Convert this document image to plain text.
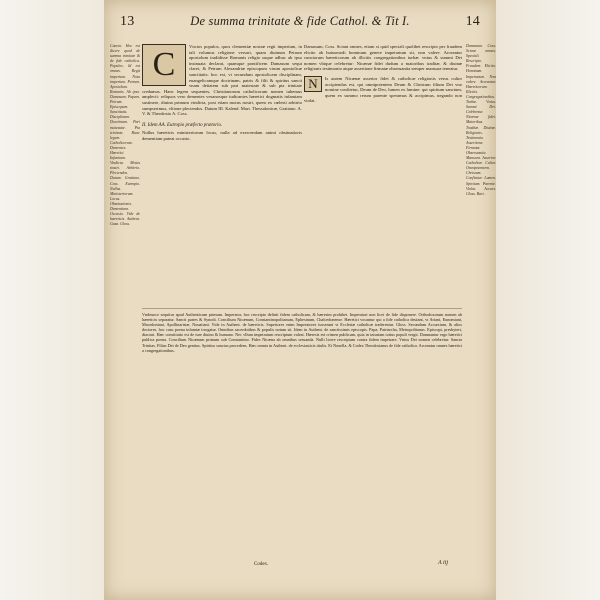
13	De summa trinitate & fide Cathol. & Tit I.	14
Cuncto. Hoc est dicere quod de summa trinitate & de fide catholica. Populos. Id est omnes. Regit imperium. Nota imperium. Petrum. Apostolum. Romanis. Ab ipso. Damasum. Papam. Petrum. Episcopum. Sanctitatis. Disciplinam. Doctrinam. Pari maiestate. Pia trinitate. Hanc legem. Catholicorum. Dementes. Hæretici. Infamiam. Vindicta. Motus nostri. Arbitrio. Plectendos. Datum. Gratiano. Coss. Eutropio. Nullus. Ministeriorum. Locus. Obstinationis. Dementiam. Occasio. Vide de hæreticis. Authent. Gaza. Gloss.
C	Vncios populos, quos clementiæ nostræ regit imperium, in tali volumus religione versari, quam diuinum Petrum apostolum tradidisse Romanis religio usque adhuc ab ipso insinuata declarat, quamque pontificem Damasum sequi claret, & Petrum Alexandriæ episcopum virum apostolicæ sanctitatis: hoc est, vt secundum apostolicam disciplinam, euangelicamque doctrinam, patris & filii & spiritus sancti vnam deitatem sub pari maiestate & sub pia trinitate credamus. Hanc legem sequentes, Christianorum catholicorum nomen iubemus amplecti: reliquos vero dementes vesanosque iudicantes hæretici dogmatis infamiam sustinere, diuina primum vindicta, post etiam motus nostri, quem ex cœlesti arbitrio sumpserimus, vltione plectendos. Datum III. Kalend. Mart. Thessalonicæ, Gratiano. A. V. & Theodosio A. Coss.
II. Idem AA. Eutropio præfecto prætorio.
Nullus hæreticis ministeriorum locus, nulla ad exercendam animi obstinatioris dementiam pateat occasio.
Damasum, Coss. Sciant omnes, etiam si quid speciali quolibet rescripto per fraudem elicito ab huiusmodi hominum genere impetratum sit, non valere. Arceantur cunctorum hæreticorum ab illicitis congregationibus turbæ: vnius & summi Dei nomen vbique celebretur: Nicænæ fidei dudum a maioribus traditæ, & diuinæ religionis testimonio atque assertione firmatæ obseruantia semper mansura teneatur.
N	Is autem Nicænæ assertor fidei & catholicæ religionis verus cultor accipiendus est, qui omnipotentem Deum & Christum filium Dei vno nomine confitetur, Deum de Deo, lumen ex lumine: qui spiritum sanctum, quem ex summo rerum parente speramus & accipimus, negando non violat.
Damasum. Coss. Sciant omnes. Speciali. Rescripto. Fraudem. Elicito. Hominum. Impetratum. Non valere. Arceantur. Hæreticorum. Illicitis. Congregationibus. Turbæ. Vnius. Summi Dei. Celebretur. Nicænæ fidei. Maioribus. Traditæ. Diuinæ. Religionis. Testimonio. Assertione. Firmatæ. Obseruantia. Mansura. Assertor. Catholicæ. Cultor. Omnipotentem. Christum. Confitetur. Lumen. Spiritum. Parente. Violat. Accurs. Gloss. Bart.
Vndeuoce sequitur apud Authenticum primum. Imperator, hoc rescripto definit fidem catholicam, & hæresim prohibet. Imperatori non licet de fide disponere. Orthodoxorum nomen ab hæreticis separatur. Sancti patres & Synodi. Concilium Nicænum, Constantinopolitanum, Ephesinum, Chalcedonense. Hæretici vocantur qui a fide catholica deuiant, vt Ariani, Eunomiani, Macedoniani, Apollinaristæ, Nouatiani. Vide in Authent. de hæreticis. Superiores enim Imperatores iusserunt vt Ecclesiæ catholicæ traderentur. Gloss. Secundum Accursium, & alios doctores, hoc casu poena infamiæ irrogatur. Omnibus sacerdotibus & populis notum sit. Idem in Authent. de sanctissimis episcopis. Papa, Patriarcha, Metropolitanus. Episcopi, presbyteri, diaconi. Hæc constitutio est de iure diuino & humano. Nec vllum impetratum rescriptum valeat. Hæresis est crimen publicum, quia in iniuriam totius populi vergit. Damnantur ergo hæretici publica poena. Concilium Nicænum primum sub Constantino. Fides Nicæna ab omnibus seruanda. Nulli licere rescriptum contra fidem impetrare. Vnius Dei nomen celebretur. Sancta Trinitas. Filius Dei de Deo genitus. Spiritus sanctus procedens. Hæc omnia in Authent. de ecclesiasticis titulis. Et Nouella, & Codex Theodosianus de fide catholica. Arceantur omnes hæretici a congregationibus.
Codex.	A iij
